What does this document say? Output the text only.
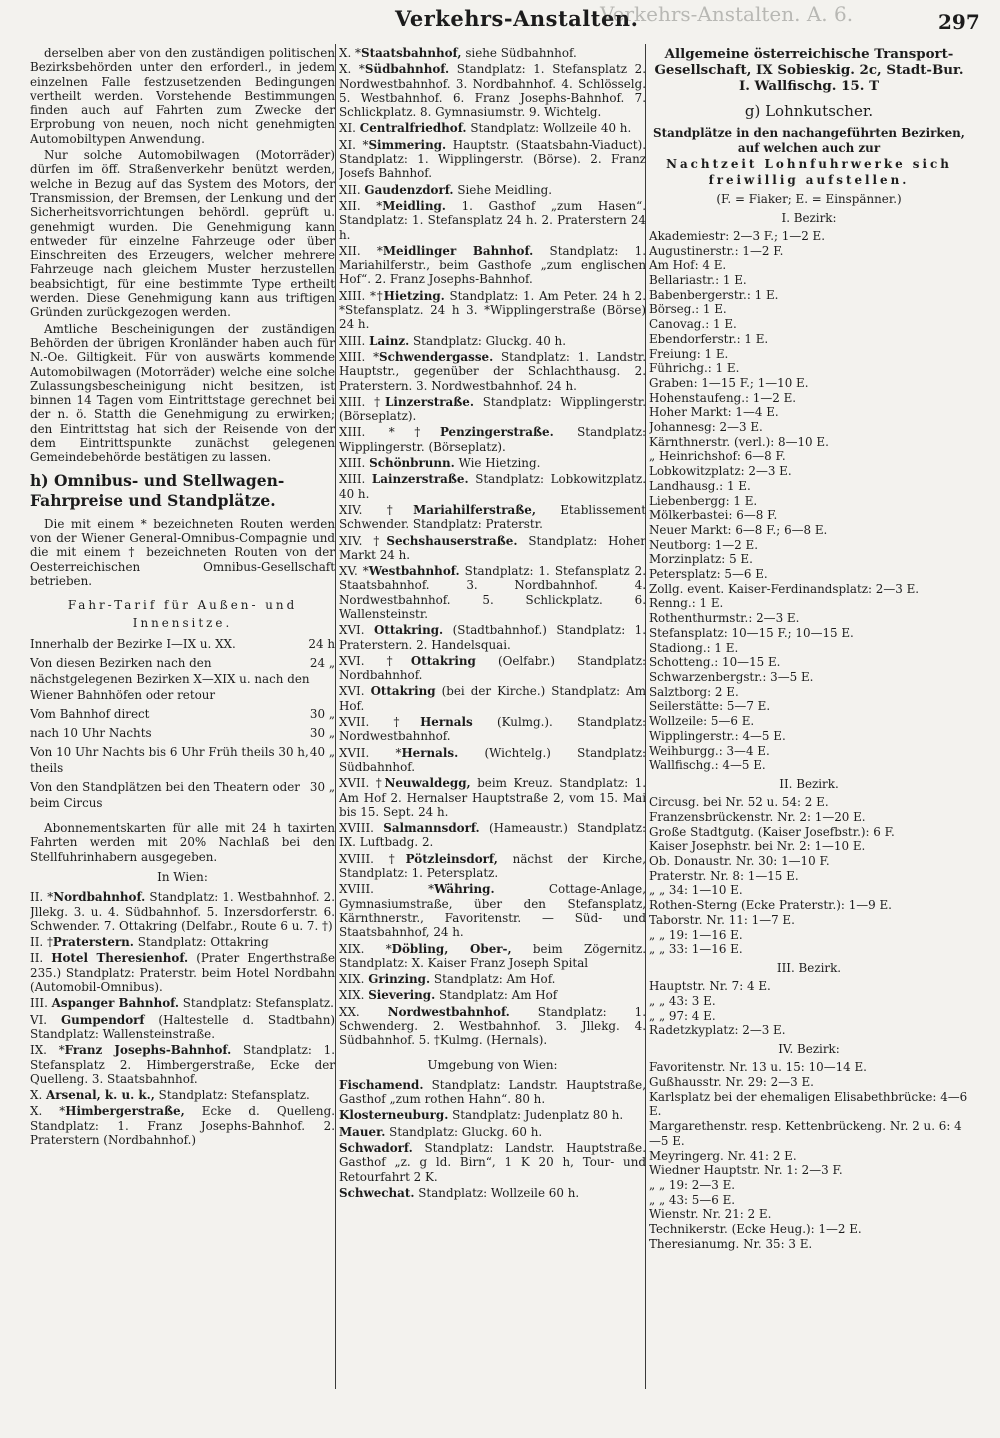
Verkehrs-Anstalten. A. 6.
Verkehrs-Anstalten.	297

derselben aber von den zuständigen politischen Bezirksbehörden unter den erforderl., in jedem einzelnen Falle festzusetzenden Bedingungen vertheilt werden. Vorstehende Bestimmungen finden auch auf Fahrten zum Zwecke der Erprobung von neuen, noch nicht genehmigten Automobiltypen Anwendung.

Nur solche Automobilwagen (Motorräder) dürfen im öff. Straßenverkehr benützt werden, welche in Bezug auf das System des Motors, der Transmission, der Bremsen, der Lenkung und der Sicherheitsvorrichtungen behördl. geprüft u. genehmigt wurden. Die Genehmigung kann entweder für einzelne Fahrzeuge oder über Einschreiten des Erzeugers, welcher mehrere Fahrzeuge nach gleichem Muster herzustellen beabsichtigt, für eine bestimmte Type ertheilt werden. Diese Genehmigung kann aus triftigen Gründen zurückgezogen werden.

Amtliche Bescheinigungen der zuständigen Behörden der übrigen Kronländer haben auch für N.-Oe. Giltigkeit. Für von auswärts kommende Automobilwagen (Motorräder) welche eine solche Zulassungsbescheinigung nicht besitzen, ist binnen 14 Tagen vom Eintrittstage gerechnet bei der n. ö. Statth die Genehmigung zu erwirken; den Eintrittstag hat sich der Reisende von der dem Eintrittspunkte zunächst gelegenen Gemeindebehörde bestätigen zu lassen.

h) Omnibus- und Stellwagen-Fahrpreise und Standplätze.

Die mit einem * bezeichneten Routen werden von der Wiener General-Omnibus-Compagnie und die mit einem † bezeichneten Routen von der Oesterreichischen Omnibus-Gesellschaft betrieben.

Fahr-Tarif für Außen- und Innensitze.
24 h
Innerhalb der Bezirke I—IX u. XX.
24 „
Von diesen Bezirken nach den nächstgelegenen Bezirken X—XIX u. nach den Wiener Bahnhöfen oder retour
30 „
Vom Bahnhof direct
30 „
nach 10 Uhr Nachts
40 „
Von 10 Uhr Nachts bis 6 Uhr Früh theils 30 h, theils
30 „
Von den Standplätzen bei den Theatern oder beim Circus

Abonnementskarten für alle mit 24 h taxirten Fahrten werden mit 20% Nachlaß bei den Stellfuhrinhabern ausgegeben.

In Wien:
II. *Nordbahnhof. Standplatz: 1. Westbahnhof. 2. Jllekg. 3. u. 4. Südbahnhof. 5. Inzersdorferstr. 6. Schwender. 7. Ottakring (Delfabr., Route 6 u. 7. †)
II. †Praterstern. Standplatz: Ottakring
II. Hotel Theresienhof. (Prater Engerthstraße 235.) Standplatz: Praterstr. beim Hotel Nordbahn (Automobil-Omnibus).
III. Aspanger Bahnhof. Standplatz: Stefansplatz.
VI. Gumpendorf (Haltestelle d. Stadtbahn) Standplatz: Wallensteinstraße.
IX. *Franz Josephs-Bahnhof. Standplatz: 1. Stefansplatz 2. Himbergerstraße, Ecke der Quelleng. 3. Staatsbahnhof.
X. Arsenal, k. u. k., Standplatz: Stefansplatz.
X. *Himbergerstraße, Ecke d. Quelleng. Standplatz: 1. Franz Josephs-Bahnhof. 2. Praterstern (Nordbahnhof.)
X. *Staatsbahnhof, siehe Südbahnhof.
X. *Südbahnhof. Standplatz: 1. Stefansplatz 2. Nordwestbahnhof. 3. Nordbahnhof. 4. Schlösselg. 5. Westbahnhof. 6. Franz Josephs-Bahnhof. 7. Schlickplatz. 8. Gymnasiumstr. 9. Wichtelg.
XI. Centralfriedhof. Standplatz: Wollzeile 40 h.
XI. *Simmering. Hauptstr. (Staatsbahn-Viaduct). Standplatz: 1. Wipplingerstr. (Börse). 2. Franz Josefs Bahnhof.
XII. Gaudenzdorf. Siehe Meidling.
XII. *Meidling. 1. Gasthof „zum Hasen“. Standplatz: 1. Stefansplatz 24 h. 2. Praterstern 24 h.
XII. *Meidlinger Bahnhof. Standplatz: 1. Mariahilferstr., beim Gasthofe „zum englischen Hof“. 2. Franz Josephs-Bahnhof.
XIII. *†Hietzing. Standplatz: 1. Am Peter. 24 h 2. *Stefansplatz. 24 h 3. *Wipplingerstraße (Börse) 24 h.
XIII. Lainz. Standplatz: Gluckg. 40 h.
XIII. *Schwendergasse. Standplatz: 1. Landstr. Hauptstr., gegenüber der Schlachthausg. 2. Praterstern. 3. Nordwestbahnhof. 24 h.
XIII. †Linzerstraße. Standplatz: Wipplingerstr. (Börseplatz).
XIII. *†Penzingerstraße. Standplatz: Wipplingerstr. (Börseplatz).
XIII. Schönbrunn. Wie Hietzing.
XIII. Lainzerstraße. Standplatz: Lobkowitzplatz. 40 h.
XIV. †Mariahilferstraße, Etablissement Schwender. Standplatz: Praterstr.
XIV. †Sechshauserstraße. Standplatz: Hoher Markt 24 h.
XV. *Westbahnhof. Standplatz: 1. Stefansplatz 2. Staatsbahnhof. 3. Nordbahnhof. 4. Nordwestbahnhof. 5. Schlickplatz. 6. Wallensteinstr.
XVI. Ottakring. (Stadtbahnhof.) Standplatz: 1. Praterstern. 2. Handelsquai.
XVI. †Ottakring (Oelfabr.) Standplatz: Nordbahnhof.
XVI. Ottakring (bei der Kirche.) Standplatz: Am Hof.
XVII. †Hernals (Kulmg.). Standplatz: Nordwestbahnhof.
XVII. *Hernals. (Wichtelg.) Standplatz: Südbahnhof.
XVII. †Neuwaldegg, beim Kreuz. Standplatz: 1. Am Hof 2. Hernalser Hauptstraße 2, vom 15. Mai bis 15. Sept. 24 h.
XVIII. Salmannsdorf. (Hameaustr.) Standplatz: IX. Luftbadg. 2.
XVIII. †Pötzleinsdorf, nächst der Kirche, Standplatz: 1. Petersplatz.
XVIII. *Währing. Cottage-Anlage, Gymnasiumstraße, über den Stefansplatz, Kärnthnerstr., Favoritenstr. — Süd- und Staatsbahnhof, 24 h.
XIX. *Döbling, Ober-, beim Zögernitz. Standplatz: X. Kaiser Franz Joseph Spital
XIX. Grinzing. Standplatz: Am Hof.
XIX. Sievering. Standplatz: Am Hof
XX. Nordwestbahnhof. Standplatz: 1. Schwenderg. 2. Westbahnhof. 3. Jllekg. 4. Südbahnhof. 5. †Kulmg. (Hernals).
Umgebung von Wien:
Fischamend. Standplatz: Landstr. Hauptstraße, Gasthof „zum rothen Hahn“. 80 h.
Klosterneuburg. Standplatz: Judenplatz 80 h.
Mauer. Standplatz: Gluckg. 60 h.
Schwadorf. Standplatz: Landstr. Hauptstraße. Gasthof „z. g ld. Birn“, 1 K 20 h, Tour- und Retourfahrt 2 K.
Schwechat. Standplatz: Wollzeile 60 h.
Allgemeine österreichische Transport-Gesellschaft, IX Sobieskig. 2c, Stadt-Bur. I. Wallfischg. 15. T
g) Lohnkutscher.
Standplätze in den nachangeführten Bezirken, auf welchen auch zur
Nachtzeit Lohnfuhrwerke sich
freiwillig aufstellen.
(F. = Fiaker; E. = Einspänner.)
I. Bezirk:
Akademiestr: 2—3 F.; 1—2 E.
Augustinerstr.: 1—2 F.
Am Hof: 4 E.
Bellariastr.: 1 E.
Babenbergerstr.: 1 E.
Börseg.: 1 E.
Canovag.: 1 E.
Ebendorferstr.: 1 E.
Freiung: 1 E.
Führichg.: 1 E.
Graben: 1—15 F.; 1—10 E.
Hohenstaufeng.: 1—2 E.
Hoher Markt: 1—4 E.
Johannesg: 2—3 E.
Kärnthnerstr. (verl.): 8—10 E.
„ Heinrichshof: 6—8 F.
Lobkowitzplatz: 2—3 E.
Landhausg.: 1 E.
Liebenbergg: 1 E.
Mölkerbastei: 6—8 F.
Neuer Markt: 6—8 F.; 6—8 E.
Neutborg: 1—2 E.
Morzinplatz: 5 E.
Petersplatz: 5—6 E.
Zollg. event. Kaiser-Ferdinandsplatz: 2—3 E.
Renng.: 1 E.
Rothenthurmstr.: 2—3 E.
Stefansplatz: 10—15 F.; 10—15 E.
Stadiong.: 1 E.
Schotteng.: 10—15 E.
Schwarzenbergstr.: 3—5 E.
Salztborg: 2 E.
Seilerstätte: 5—7 E.
Wollzeile: 5—6 E.
Wipplingerstr.: 4—5 E.
Weihburgg.: 3—4 E.
Wallfischg.: 4—5 E.
II. Bezirk.
Circusg. bei Nr. 52 u. 54: 2 E.
Franzensbrückenstr. Nr. 2: 1—20 E.
Große Stadtgutg. (Kaiser Josefbstr.): 6 F.
Kaiser Josephstr. bei Nr. 2: 1—10 E.
Ob. Donaustr. Nr. 30: 1—10 F.
Praterstr. Nr. 8: 1—15 E.
„ „ 34: 1—10 E.
Rothen-Sterng (Ecke Praterstr.): 1—9 E.
Taborstr. Nr. 11: 1—7 E.
„ „ 19: 1—16 E.
„ „ 33: 1—16 E.
III. Bezirk.
Hauptstr. Nr. 7: 4 E.
„ „ 43: 3 E.
„ „ 97: 4 E.
Radetzkyplatz: 2—3 E.
IV. Bezirk:
Favoritenstr. Nr. 13 u. 15: 10—14 E.
Gußhausstr. Nr. 29: 2—3 E.
Karlsplatz bei der ehemaligen Elisabethbrücke: 4—6 E.
Margarethenstr. resp. Kettenbrückeng. Nr. 2 u. 6: 4—5 E.
Meyringerg. Nr. 41: 2 E.
Wiedner Hauptstr. Nr. 1: 2—3 F.
„ „ 19: 2—3 E.
„ „ 43: 5—6 E.
Wienstr. Nr. 21: 2 E.
Technikerstr. (Ecke Heug.): 1—2 E.
Theresianumg. Nr. 35: 3 E.
